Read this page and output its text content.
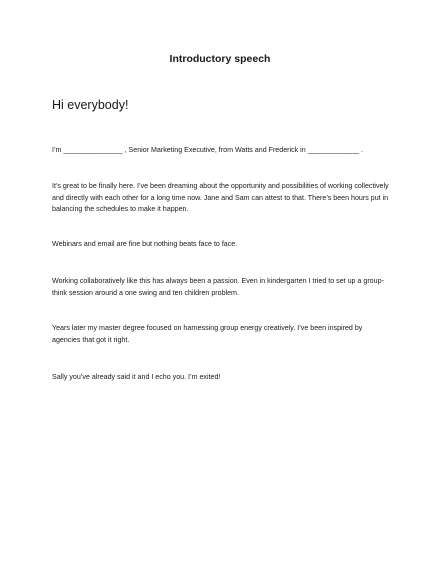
Introductory speech

Hi everybody!

I’m _______________ , Senior Marketing Executive, from Watts and Frederick in _____________ .

It’s great to be finally here. I’ve been dreaming about the opportunity and possibilities of working collectively and directly with each other for a long time now. Jane and Sam can attest to that. There’s been hours put in balancing the schedules to make it happen.

Webinars and email are fine but nothing beats face to face.

Working collaboratively like this has always been a passion. Even in kindergarten I tried to set up a group-think session around a one swing and ten children problem.

Years later my master degree focused on harnessing group energy creatively. I’ve been inspired by agencies that got it right.

Sally you’ve already said it and I echo you. I’m exited!
